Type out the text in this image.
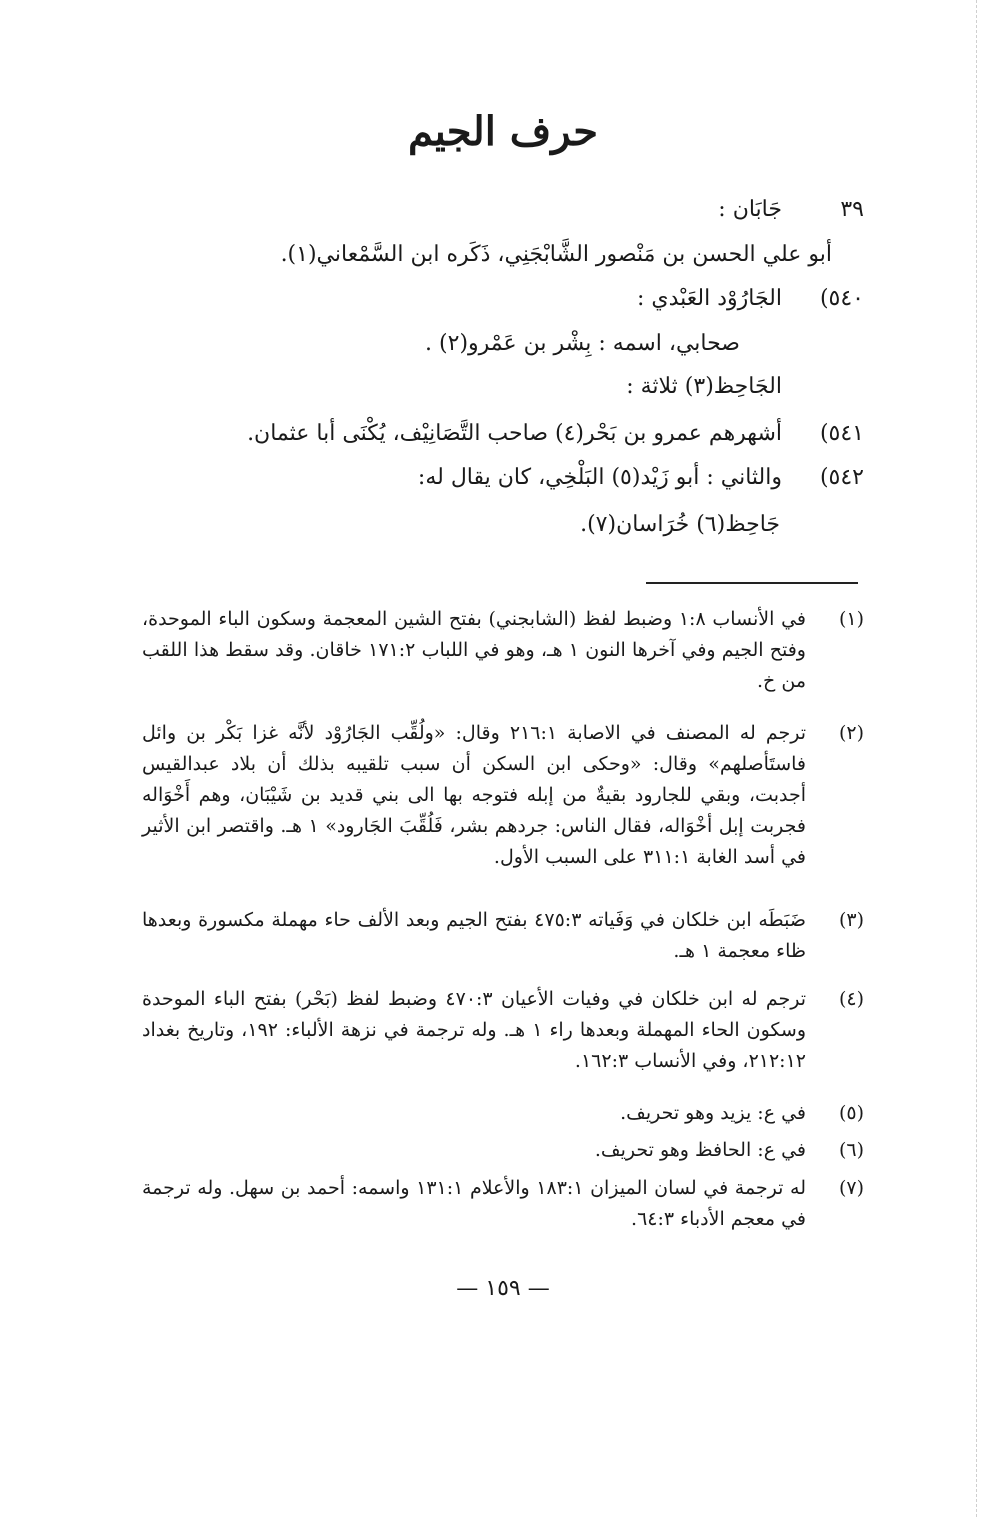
حرف الجيم
٣٩جَابَان :
أبو علي الحسن بن مَنْصور الشَّابْجَنِي، ذَكَره ابن السَّمْعاني(١).
٥٤٠)الجَارُوْد العَبْدي :
صحابي، اسمه : بِشْر بن عَمْرو(٢) .
الجَاحِظ(٣) ثلاثة :
٥٤١)أشهرهم عمرو بن بَحْر(٤) صاحب التَّصَانِيْف، يُكْنَى أبا عثمان.
٥٤٢)والثاني : أبو زَيْد(٥) البَلْخِي، كان يقال له:
جَاحِظ(٦) خُرَاسان(٧).
(١)
في الأنساب ١:٨ وضبط لفظ (الشابجني) بفتح الشين المعجمة وسكون الباء الموحدة، وفتح الجيم وفي آخرها النون ١ هـ، وهو في اللباب ١٧١:٢ خاقان. وقد سقط هذا اللقب من خ.
(٢)
ترجم له المصنف في الاصابة ٢١٦:١ وقال: «ولُقِّب الجَارُوْد لأنَّه غزا بَكْر بن وائل فاستَأصلهم» وقال: «وحكى ابن السكن أن سبب تلقيبه بذلك أن بلاد عبدالقيس أجدبت، وبقي للجارود بقيةٌ من إبله فتوجه بها الى بني قديد بن شَيْبَان، وهم أَخْوَاله فجربت إبل أخْوَاله، فقال الناس: جردهم بشر، فَلُقِّبَ الجَارود» ١ هـ. واقتصر ابن الأثير في أسد الغابة ٣١١:١ على السبب الأول.
(٣)
ضَبَطَه ابن خلكان في وَفَياته ٤٧٥:٣ بفتح الجيم وبعد الألف حاء مهملة مكسورة وبعدها ظاء معجمة ١ هـ.
(٤)
ترجم له ابن خلكان في وفيات الأعيان ٤٧٠:٣ وضبط لفظ (بَحْر) بفتح الباء الموحدة وسكون الحاء المهملة وبعدها راء ١ هـ. وله ترجمة في نزهة الألباء: ١٩٢، وتاريخ بغداد ٢١٢:١٢، وفي الأنساب ١٦٢:٣.
(٥)
في ع: يزيد وهو تحريف.
(٦)
في ع: الحافظ وهو تحريف.
(٧)
له ترجمة في لسان الميزان ١٨٣:١ والأعلام ١٣١:١ واسمه: أحمد بن سهل. وله ترجمة في معجم الأدباء ٦٤:٣.
— ١٥٩ —
